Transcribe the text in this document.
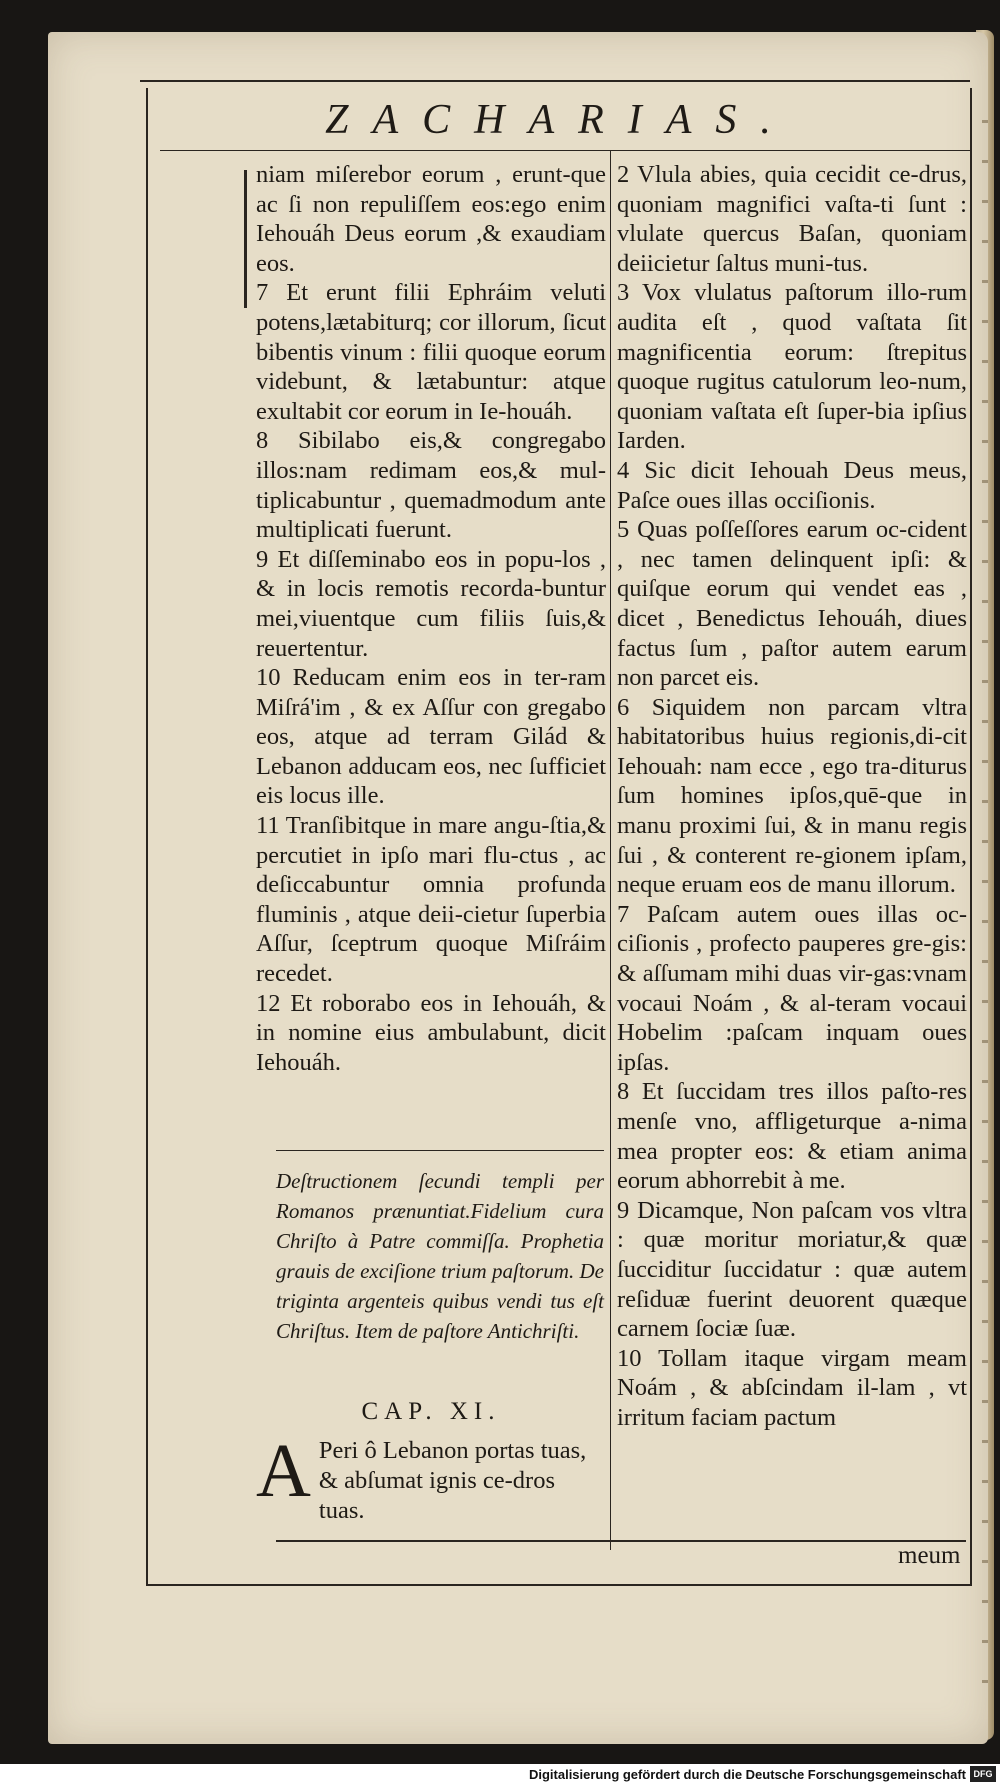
ZACHARIAS.

niam miſerebor eorum , erunt-que ac ſi non repuliſſem eos:ego enim Iehouáh Deus eorum ,& exaudiam eos.

7 Et erunt filii Ephráim veluti potens,lætabiturq; cor illorum, ſicut bibentis vinum : filii quoque eorum videbunt, & lætabuntur: atque exultabit cor eorum in Ie-houáh.

8 Sibilabo eis,& congregabo illos:nam redimam eos,& mul-tiplicabuntur , quemadmodum ante multiplicati fuerunt.

9 Et diſſeminabo eos in popu-los , & in locis remotis recorda-buntur mei,viuentque cum filiis ſuis,& reuertentur.

10 Reducam enim eos in ter-ram Miſrá'im , & ex Aſſur con gregabo eos, atque ad terram Gilád & Lebanon adducam eos, nec ſufficiet eis locus ille.

11 Tranſibitque in mare angu-ſtia,& percutiet in ipſo mari flu-ctus , ac deſiccabuntur omnia profunda fluminis , atque deii-cietur ſuperbia Aſſur, ſceptrum quoque Miſráim recedet.

12 Et roborabo eos in Iehouáh, & in nomine eius ambulabunt, dicit Iehouáh.

Deſtructionem ſecundi templi per Romanos prænuntiat.Fidelium cura Chriſto à Patre commiſſa. Prophetia grauis de exciſione trium paſtorum. De triginta argenteis quibus vendi tus eſt Chriſtus. Item de paſtore Antichriſti.
CAP. XI.
A Peri ô Lebanon portas tuas, & abſumat ignis ce-dros tuas.

2 Vlula abies, quia cecidit ce-drus, quoniam magnifici vaſta-ti ſunt : vlulate quercus Baſan, quoniam deiicietur ſaltus muni-tus.

3 Vox vlulatus paſtorum illo-rum audita eſt , quod vaſtata ſit magnificentia eorum: ſtrepitus quoque rugitus catulorum leo-num, quoniam vaſtata eſt ſuper-bia ipſius Iarden.

4 Sic dicit Iehouah Deus meus, Paſce oues illas occiſionis.

5 Quas poſſeſſores earum oc-cident , nec tamen delinquent ipſi: & quiſque eorum qui vendet eas , dicet , Benedictus Iehouáh, diues factus ſum , paſtor autem earum non parcet eis.

6 Siquidem non parcam vltra habitatoribus huius regionis,di-cit Iehouah: nam ecce , ego tra-diturus ſum homines ipſos,quē-que in manu proximi ſui, & in manu regis ſui , & conterent re-gionem ipſam, neque eruam eos de manu illorum.

7 Paſcam autem oues illas oc-ciſionis , profecto pauperes gre-gis: & aſſumam mihi duas vir-gas:vnam vocaui Noám , & al-teram vocaui Hobelim :paſcam inquam oues ipſas.

8 Et ſuccidam tres illos paſto-res menſe vno, affligeturque a-nima mea propter eos: & etiam anima eorum abhorrebit à me.

9 Dicamque, Non paſcam vos vltra : quæ moritur moriatur,& quæ ſucciditur ſuccidatur : quæ autem reſiduæ fuerint deuorent quæque carnem ſociæ ſuæ.

10 Tollam itaque virgam meam Noám , & abſcindam il-lam , vt irritum faciam pactum

meum
Digitalisierung gefördert durch die Deutsche Forschungsgemeinschaft DFG
